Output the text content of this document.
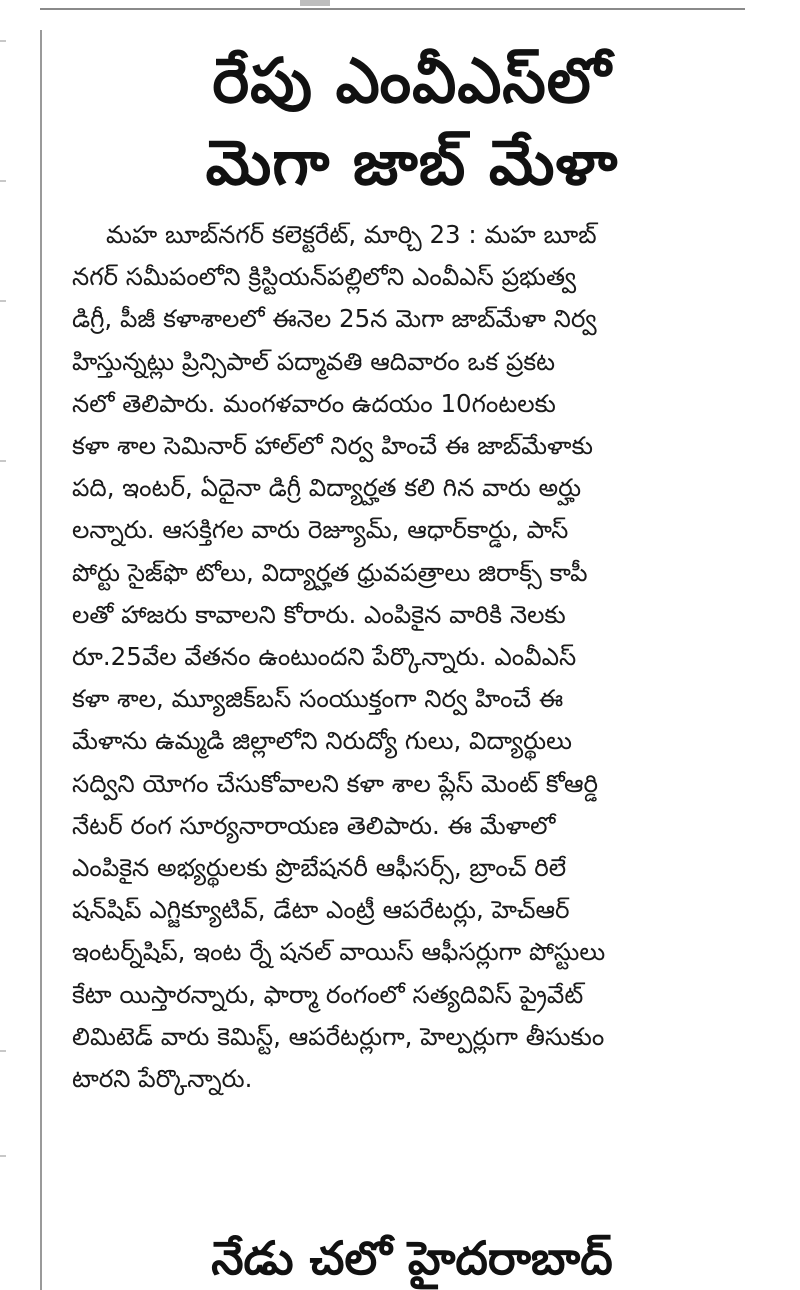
రేపు ఎంవీఎస్‌లో
మెగా జాబ్ మేళా
మహ బూబ్‌నగర్ కలెక్టరేట్, మార్చి 23 : మహ బూబ్
నగర్ సమీపంలోని క్రిస్టియన్‌పల్లిలోని ఎంవీఎస్ ప్రభుత్వ
డిగ్రీ, పీజీ కళాశాలలో ఈనెల 25న మెగా జాబ్‌మేళా నిర్వ
హిస్తున్నట్లు ప్రిన్సిపాల్ పద్మావతి ఆదివారం ఒక ప్రకట
నలో తెలిపారు. మంగళవారం ఉదయం 10గంటలకు
కళా శాల సెమినార్ హాల్‌లో నిర్వ హించే ఈ జాబ్‌మేళాకు
పది, ఇంటర్, ఏదైనా డిగ్రీ విద్యార్హత కలి గిన వారు అర్హు
లన్నారు. ఆసక్తిగల వారు రెజ్యూమ్, ఆధార్‌కార్డు, పాస్
పోర్టు సైజ్‌ఫొ టోలు, విద్యార్హత ధ్రువపత్రాలు జిరాక్స్ కాపీ
లతో హాజరు కావాలని కోరారు. ఎంపికైన వారికి నెలకు
రూ.25వేల వేతనం ఉంటుందని పేర్కొన్నారు. ఎంవీఎస్
కళా శాల, మ్యూజిక్‌బస్ సంయుక్తంగా నిర్వ హించే ఈ
మేళాను ఉమ్మడి జిల్లాలోని నిరుద్యో గులు, విద్యార్థులు
సద్విని యోగం చేసుకోవాలని కళా శాల ప్లేస్ మెంట్ కోఆర్డి
నేటర్ రంగ సూర్యనారాయణ తెలిపారు. ఈ మేళాలో
ఎంపికైన అభ్యర్థులకు ప్రొబేషనరీ ఆఫీసర్స్, బ్రాంచ్ రిలే
షన్‌షిప్ ఎగ్జిక్యూటివ్, డేటా ఎంట్రీ ఆపరేటర్లు, హెచ్ఆర్
ఇంటర్న్‌షిప్, ఇంట ర్నే షనల్ వాయిస్ ఆఫీసర్లుగా పోస్టులు
కేటా యిస్తారన్నారు, ఫార్మా రంగంలో సత్యదివిస్ ప్రైవేట్
లిమిటెడ్ వారు కెమిస్ట్, ఆపరేటర్లుగా, హెల్పర్లుగా తీసుకుం
టారని పేర్కొన్నారు.
నేడు చలో హైదరాబాద్
